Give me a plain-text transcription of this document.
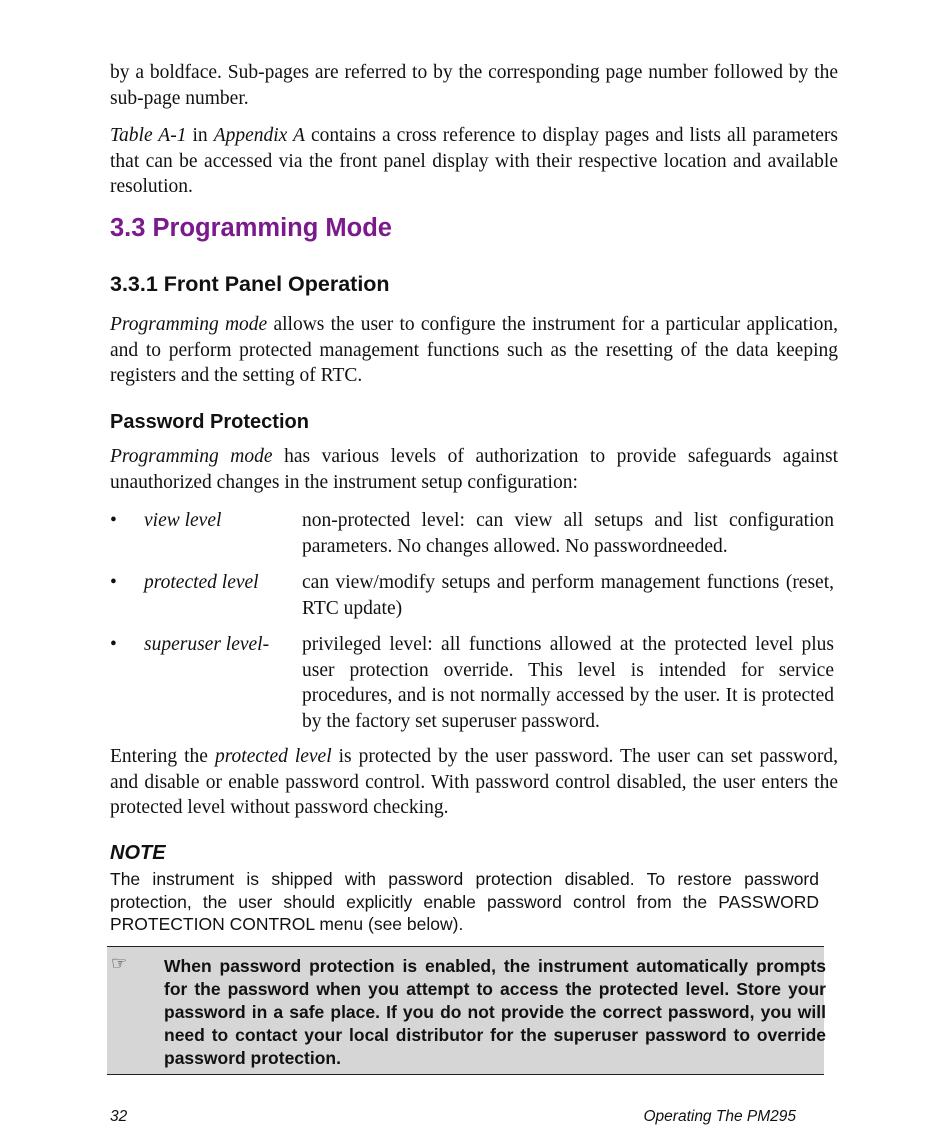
by a boldface. Sub-pages are referred to by the corresponding page number followed by the sub-page number.

Table A-1 in Appendix A contains a cross reference to display pages and lists all parameters that can be accessed via the front panel display with their respective location and available resolution.

3.3 Programming Mode
3.3.1 Front Panel Operation

Programming mode allows the user to configure the instrument for a particular application, and to perform protected management functions such as the resetting of the data keeping registers and the setting of RTC.

Password Protection

Programming mode has various levels of authorization to provide safeguards against unauthorized changes in the instrument setup configuration:

• view level	non-protected level: can view all setups and list configuration parameters. No changes allowed. No passwordneeded.
• protected level can view/modify setups and perform management functions (reset, RTC update)
• superuser level- privileged level: all functions allowed at the protected level plus user protection override. This level is intended for service procedures, and is not normally accessed by the user. It is protected by the factory set superuser password.

Entering the protected level is protected by the user password. The user can set password, and disable or enable password control. With password control disabled, the user enters the protected level without password checking.

NOTE

The instrument is shipped with password protection disabled. To restore password protection, the user should explicitly enable password control from the PASSWORD PROTECTION CONTROL menu (see below).

☞ When password protection is enabled, the instrument automatically prompts for the password when you attempt to access the protected level. Store your password in a safe place. If you do not provide the correct password, you will need to contact your local distributor for the superuser password to override password protection.

32	Operating The PM295
